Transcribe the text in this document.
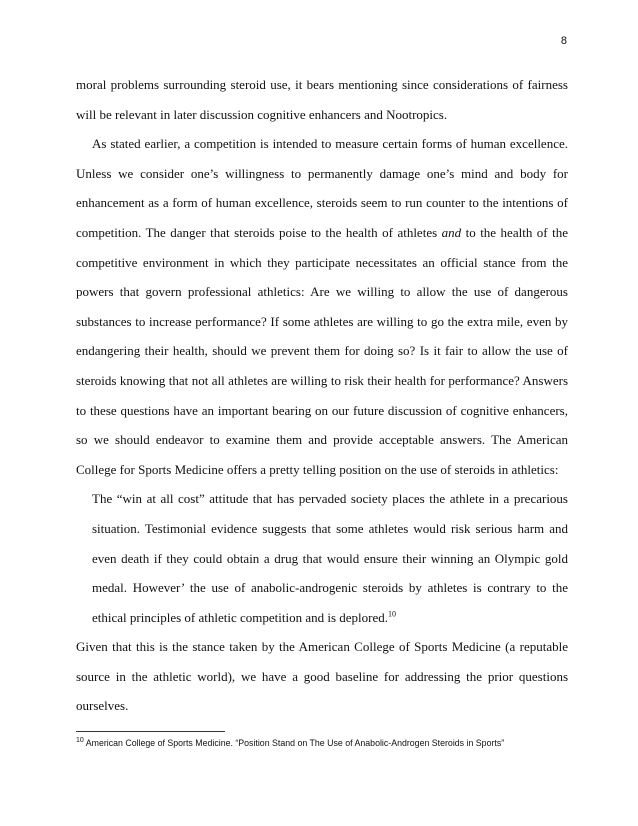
8

moral problems surrounding steroid use, it bears mentioning since considerations of fairness will be relevant in later discussion cognitive enhancers and Nootropics.

As stated earlier, a competition is intended to measure certain forms of human excellence. Unless we consider one’s willingness to permanently damage one’s mind and body for enhancement as a form of human excellence, steroids seem to run counter to the intentions of competition. The danger that steroids poise to the health of athletes and to the health of the competitive environment in which they participate necessitates an official stance from the powers that govern professional athletics: Are we willing to allow the use of dangerous substances to increase performance? If some athletes are willing to go the extra mile, even by endangering their health, should we prevent them for doing so? Is it fair to allow the use of steroids knowing that not all athletes are willing to risk their health for performance? Answers to these questions have an important bearing on our future discussion of cognitive enhancers, so we should endeavor to examine them and provide acceptable answers. The American College for Sports Medicine offers a pretty telling position on the use of steroids in athletics:

The “win at all cost” attitude that has pervaded society places the athlete in a precarious situation. Testimonial evidence suggests that some athletes would risk serious harm and even death if they could obtain a drug that would ensure their winning an Olympic gold medal. However’ the use of anabolic-androgenic steroids by athletes is contrary to the ethical principles of athletic competition and is deplored.$^{10}$

Given that this is the stance taken by the American College of Sports Medicine (a reputable source in the athletic world), we have a good baseline for addressing the prior questions ourselves.

$^{10}$ American College of Sports Medicine. “Position Stand on The Use of Anabolic-Androgen Steroids in Sports”
